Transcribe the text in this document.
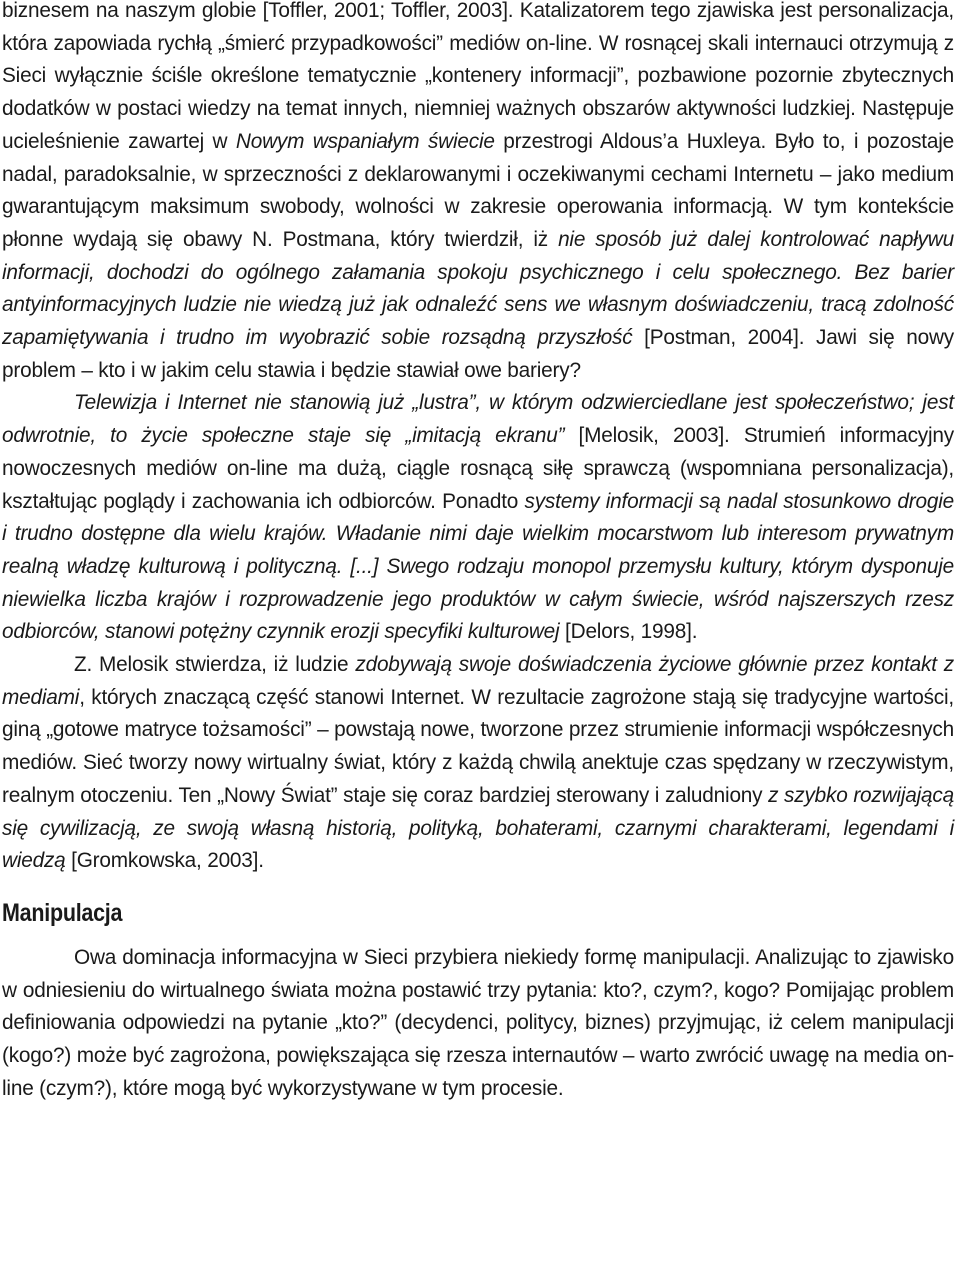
biznesem na naszym globie [Toffler, 2001; Toffler, 2003]. Katalizatorem tego zjawiska jest personalizacja, która zapowiada rychłą „śmierć przypadkowości” mediów on-line. W rosnącej skali internauci otrzymują z Sieci wyłącznie ściśle określone tematycznie „kontenery informacji”, pozbawione pozornie zbytecznych dodatków w postaci wiedzy na temat innych, niemniej ważnych obszarów aktywności ludzkiej. Następuje ucieleśnienie zawartej w Nowym wspaniałym świecie przestrogi Aldous’a Huxleya. Było to, i pozostaje nadal, paradoksalnie, w sprzeczności z deklarowanymi i oczekiwanymi cechami Internetu – jako medium gwarantującym maksimum swobody, wolności w zakresie operowania informacją. W tym kontekście płonne wydają się obawy N. Postmana, który twierdził, iż nie sposób już dalej kontrolować napływu informacji, dochodzi do ogólnego załamania spokoju psychicznego i celu społecznego. Bez barier antyinformacyjnych ludzie nie wiedzą już jak odnaleźć sens we własnym doświadczeniu, tracą zdolność zapamiętywania i trudno im wyobrazić sobie rozsądną przyszłość [Postman, 2004]. Jawi się nowy problem – kto i w jakim celu stawia i będzie stawiał owe bariery?

Telewizja i Internet nie stanowią już „lustra”, w którym odzwierciedlane jest społeczeństwo; jest odwrotnie, to życie społeczne staje się „imitacją ekranu” [Melosik, 2003]. Strumień informacyjny nowoczesnych mediów on-line ma dużą, ciągle rosnącą siłę sprawczą (wspomniana personalizacja), kształtując poglądy i zachowania ich odbiorców. Ponadto systemy informacji są nadal stosunkowo drogie i trudno dostępne dla wielu krajów. Władanie nimi daje wielkim mocarstwom lub interesom prywatnym realną władzę kulturową i polityczną. [...] Swego rodzaju monopol przemysłu kultury, którym dysponuje niewielka liczba krajów i rozprowadzenie jego produktów w całym świecie, wśród najszerszych rzesz odbiorców, stanowi potężny czynnik erozji specyfiki kulturowej [Delors, 1998].

Z. Melosik stwierdza, iż ludzie zdobywają swoje doświadczenia życiowe głównie przez kontakt z mediami, których znaczącą część stanowi Internet. W rezultacie zagrożone stają się tradycyjne wartości, giną „gotowe matryce tożsamości” – powstają nowe, tworzone przez strumienie informacji współczesnych mediów. Sieć tworzy nowy wirtualny świat, który z każdą chwilą anektuje czas spędzany w rzeczywistym, realnym otoczeniu. Ten „Nowy Świat” staje się coraz bardziej sterowany i zaludniony z szybko rozwijającą się cywilizacją, ze swoją własną historią, polityką, bohaterami, czarnymi charakterami, legendami i wiedzą [Gromkowska, 2003].

Manipulacja

Owa dominacja informacyjna w Sieci przybiera niekiedy formę manipulacji. Analizując to zjawisko w odniesieniu do wirtualnego świata można postawić trzy pytania: kto?, czym?, kogo? Pomijając problem definiowania odpowiedzi na pytanie „kto?” (decydenci, politycy, biznes) przyjmując, iż celem manipulacji (kogo?) może być zagrożona, powiększająca się rzesza internautów – warto zwrócić uwagę na media on-line (czym?), które mogą być wykorzystywane w tym procesie.
